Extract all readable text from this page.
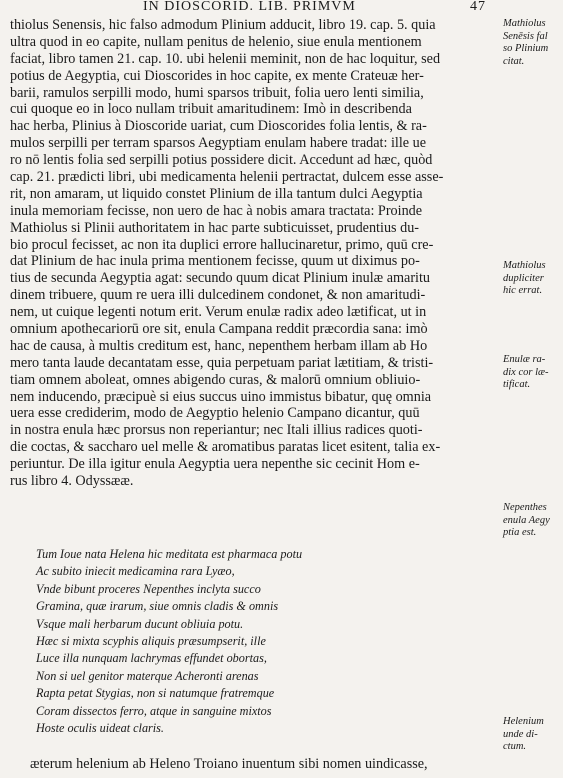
IN DIOSCORID. LIB. PRIMVM	47
thiolus Senensis, hic falso admodum Plinium adducit, libro 19. cap. 5. quia
ultra quod in eo capite, nullam penitus de helenio, siue enula mentionem
faciat, libro tamen 21. cap. 10. ubi helenii meminit, non de hac loquitur, sed
potius de Aegyptia, cui Dioscorides in hoc capite, ex mente Crateuæ her-
barii, ramulos serpilli modo, humi sparsos tribuit, folia uero lenti similia,
cui quoque eo in loco nullam tribuit amaritudinem: Imò in describenda
hac herba, Plinius à Dioscoride uariat, cum Dioscorides folia lentis, & ra-
mulos serpilli per terram sparsos Aegyptiam enulam habere tradat: ille ue
ro nō lentis folia sed serpilli potius possidere dicit. Accedunt ad hæc, quòd
cap. 21. prædicti libri, ubi medicamenta helenii pertractat, dulcem esse asse-
rit, non amaram, ut liquido constet Plinium de illa tantum dulci Aegyptia
inula memoriam fecisse, non uero de hac à nobis amara tractata: Proinde
Mathiolus si Plinii authoritatem in hac parte subticuisset, prudentius du-
bio procul fecisset, ac non ita duplici errore hallucinaretur, primo, quū cre-
dat Plinium de hac inula prima mentionem fecisse, quum ut diximus po-
tius de secunda Aegyptia agat: secundo quum dicat Plinium inulæ amaritu
dinem tribuere, quum re uera illi dulcedinem condonet, & non amaritudi-
nem, ut cuique legenti notum erit. Verum enulæ radix adeo lætificat, ut in
omnium apothecariorū ore sit, enula Campana reddit præcordia sana: imò
hac de causa, à multis creditum est, hanc, nepenthem herbam illam ab Ho
mero tanta laude decantatam esse, quia perpetuam pariat lætitiam, & tristi-
tiam omnem aboleat, omnes abigendo curas, & malorū omnium obliuio-
nem inducendo, præcipuè si eius succus uino immistus bibatur, quę omnia
uera esse crediderim, modo de Aegyptio helenio Campano dicantur, quū
in nostra enula hæc prorsus non reperiantur; nec Itali illius radices quoti-
die coctas, & saccharo uel melle & aromatibus paratas licet esitent, talia ex-
periuntur. De illa igitur enula Aegyptia uera nepenthe sic cecinit Hom e-
rus libro 4. Odyssææ.
Tum Ioue nata Helena hic meditata est pharmaca potu
Ac subito iniecit medicamina rara Lyæo,
Vnde bibunt proceres Nepenthes inclyta succo
Gramina, quæ irarum, siue omnis cladis & omnis
Vsque mali herbarum ducunt obliuia potu.
Hæc si mixta scyphis aliquis præsumpserit, ille
Luce illa nunquam lachrymas effundet obortas,
Non si uel genitor materque Acheronti arenas
Rapta petat Stygias, non si natumque fratremque
Coram dissectos ferro, atque in sanguine mixtos
Hoste oculis uideat claris.
æterum helenium ab Heleno Troiano inuentum sibi nomen uindicasse,
Mathiolus
Senēsis fal
so Plinium
citat.
Mathiolus
dupliciter
hic errat.
Enulæ ra-
dix cor læ-
tificat.
Nepenthes
enula Aegy
ptia est.
Helenium
unde di-
ctum.
